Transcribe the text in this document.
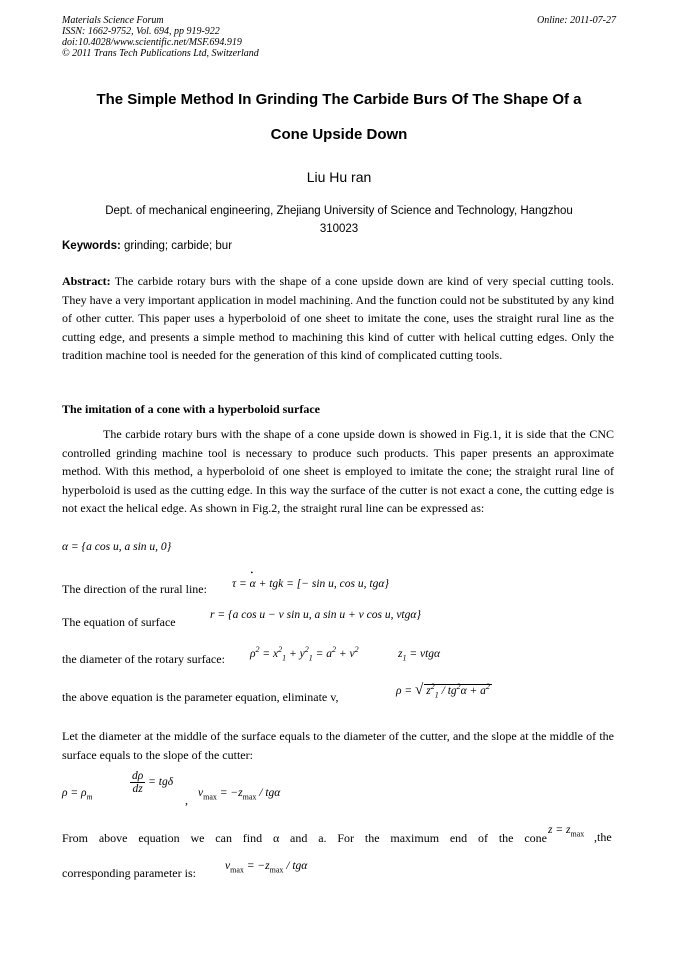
Materials Science Forum
ISSN: 1662-9752, Vol. 694, pp 919-922
doi:10.4028/www.scientific.net/MSF.694.919
© 2011 Trans Tech Publications Ltd, Switzerland
Online: 2011-07-27
The Simple Method In Grinding The Carbide Burs Of The Shape Of a
Cone Upside Down
Liu Hu ran
Dept. of mechanical engineering, Zhejiang University of Science and Technology, Hangzhou
310023
Keywords: grinding; carbide; bur
Abstract: The carbide rotary burs with the shape of a cone upside down are kind of very special cutting tools. They have a very important application in model machining. And the function could not be substituted by any kind of other cutter. This paper uses a hyperboloid of one sheet to imitate the cone, uses the straight rural line as the cutting edge, and presents a simple method to machining this kind of cutter with helical cutting edges. Only the tradition machine tool is needed for the generation of this kind of complicated cutting tools.
The imitation of a cone with a hyperboloid surface
The carbide rotary burs with the shape of a cone upside down is showed in Fig.1, it is side that the CNC controlled grinding machine tool is necessary to produce such products. This paper presents an approximate method. With this method, a hyperboloid of one sheet is employed to imitate the cone; the straight rural line of hyperboloid is used as the cutting edge. In this way the surface of the cutter is not exact a cone, the cutting edge is not exact the helical edge. As shown in Fig.2, the straight rural line can be expressed as:
α = {a cos u, a sin u, 0}
The direction of the rural line: τ = • α + tgk = [− sin u, cos u, tgα}
The equation of surface	r = {a cos u − v sin u, a sin u + v cos u, vtgα}
the diameter of the rotary surface: $\rho^2 = x^2_1 + y^2_1 = a^2 + v^2$	$z_1 = vtg\alpha$
the above equation is the parameter equation, eliminate v,	ρ = √ $z^2_1 / tg^2\alpha + a^2$
Let the diameter at the middle of the surface equals to the diameter of the cutter, and the slope at the middle of the surface equals to the slope of the cutter:
$\rho = \rho_m$
$\frac{d\rho}{dz} = tg\delta$
, $v_{max} = -z_{max} / tg\alpha$
From above equation we can find α and a. For the maximum end of the cone
$z = z_{max}$ ,the
corresponding parameter is:	$v_{max} = -z_{max} / tg\alpha$
